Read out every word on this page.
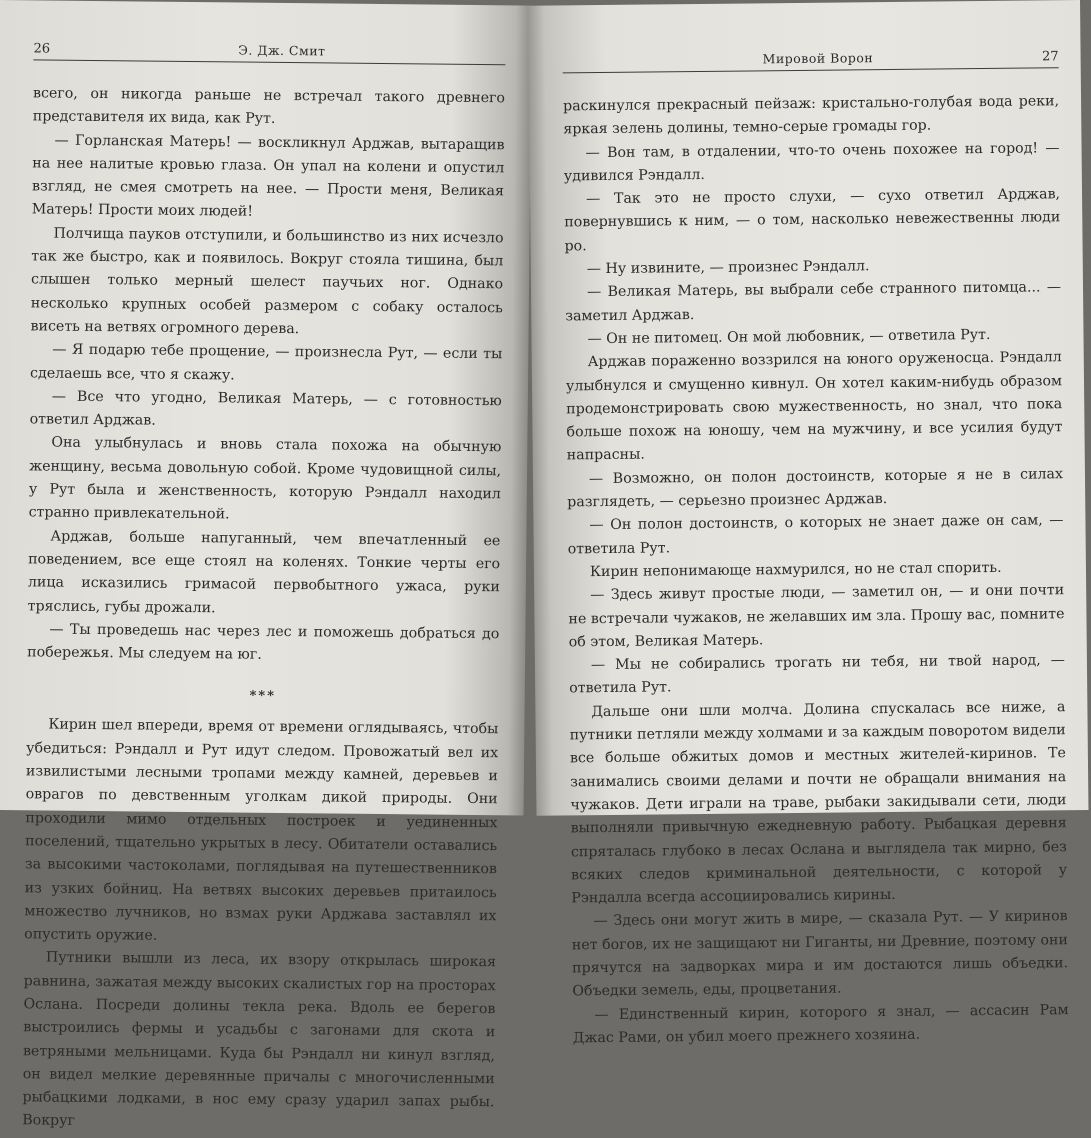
26	Э. Дж. Смит

всего, он никогда раньше не встречал такого древнего представителя их вида, как Рут.

— Горланская Матерь! — воскликнул Арджав, вытаращив на нее налитые кровью глаза. Он упал на колени и опустил взгляд, не смея смотреть на нее. — Прости меня, Великая Матерь! Прости моих людей!

Полчища пауков отступили, и большинство из них исчезло так же быстро, как и появилось. Вокруг стояла тишина, был слышен только мерный шелест паучьих ног. Однако несколько крупных особей размером с собаку осталось висеть на ветвях огромного дерева.

— Я подарю тебе прощение, — произнесла Рут, — если ты сделаешь все, что я скажу.

— Все что угодно, Великая Матерь, — с готовностью ответил Арджав.

Она улыбнулась и вновь стала похожа на обычную женщину, весьма довольную собой. Кроме чудовищной силы, у Рут была и женственность, которую Рэндалл находил странно привлекательной.

Арджав, больше напуганный, чем впечатленный ее поведением, все еще стоял на коленях. Тонкие черты его лица исказились гримасой первобытного ужаса, руки тряслись, губы дрожали.

— Ты проведешь нас через лес и поможешь добраться до побережья. Мы следуем на юг.

***

Кирин шел впереди, время от времени оглядываясь, чтобы убедиться: Рэндалл и Рут идут следом. Провожатый вел их извилистыми лесными тропами между камней, деревьев и оврагов по девственным уголкам дикой природы. Они проходили мимо отдельных построек и уединенных поселений, тщательно укрытых в лесу. Обитатели оставались за высокими частоколами, поглядывая на путешественников из узких бойниц. На ветвях высоких деревьев притаилось множество лучников, но взмах руки Арджава заставлял их опустить оружие.

Путники вышли из леса, их взору открылась широкая равнина, зажатая между высоких скалистых гор на просторах Ослана. Посреди долины текла река. Вдоль ее берегов выстроились фермы и усадьбы с загонами для скота и ветряными мельницами. Куда бы Рэндалл ни кинул взгляд, он видел мелкие деревянные причалы с многочисленными рыбацкими лодками, в нос ему сразу ударил запах рыбы. Вокруг

Мировой Ворон	27

раскинулся прекрасный пейзаж: кристально-голубая вода реки, яркая зелень долины, темно-серые громады гор.

— Вон там, в отдалении, что-то очень похожее на город! — удивился Рэндалл.

— Так это не просто слухи, — сухо ответил Арджав, повернувшись к ним, — о том, насколько невежественны люди ро.

— Ну извините, — произнес Рэндалл.

— Великая Матерь, вы выбрали себе странного питомца... — заметил Арджав.

— Он не питомец. Он мой любовник, — ответила Рут.

Арджав пораженно воззрился на юного оруженосца. Рэндалл улыбнулся и смущенно кивнул. Он хотел каким-нибудь образом продемонстрировать свою мужественность, но знал, что пока больше похож на юношу, чем на мужчину, и все усилия будут напрасны.

— Возможно, он полон достоинств, которые я не в силах разглядеть, — серьезно произнес Арджав.

— Он полон достоинств, о которых не знает даже он сам, — ответила Рут.

Кирин непонимающе нахмурился, но не стал спорить.

— Здесь живут простые люди, — заметил он, — и они почти не встречали чужаков, не желавших им зла. Прошу вас, помните об этом, Великая Матерь.

— Мы не собирались трогать ни тебя, ни твой народ, — ответила Рут.

Дальше они шли молча. Долина спускалась все ниже, а путники петляли между холмами и за каждым поворотом видели все больше обжитых домов и местных жителей-киринов. Те занимались своими делами и почти не обращали внимания на чужаков. Дети играли на траве, рыбаки закидывали сети, люди выполняли привычную ежедневную работу. Рыбацкая деревня спряталась глубоко в лесах Ослана и выглядела так мирно, без всяких следов криминальной деятельности, с которой у Рэндалла всегда ассоциировались кирины.

— Здесь они могут жить в мире, — сказала Рут. — У киринов нет богов, их не защищают ни Гиганты, ни Древние, поэтому они прячутся на задворках мира и им достаются лишь объедки. Объедки земель, еды, процветания.

— Единственный кирин, которого я знал, — ассасин Рам Джас Рами, он убил моего прежнего хозяина.
